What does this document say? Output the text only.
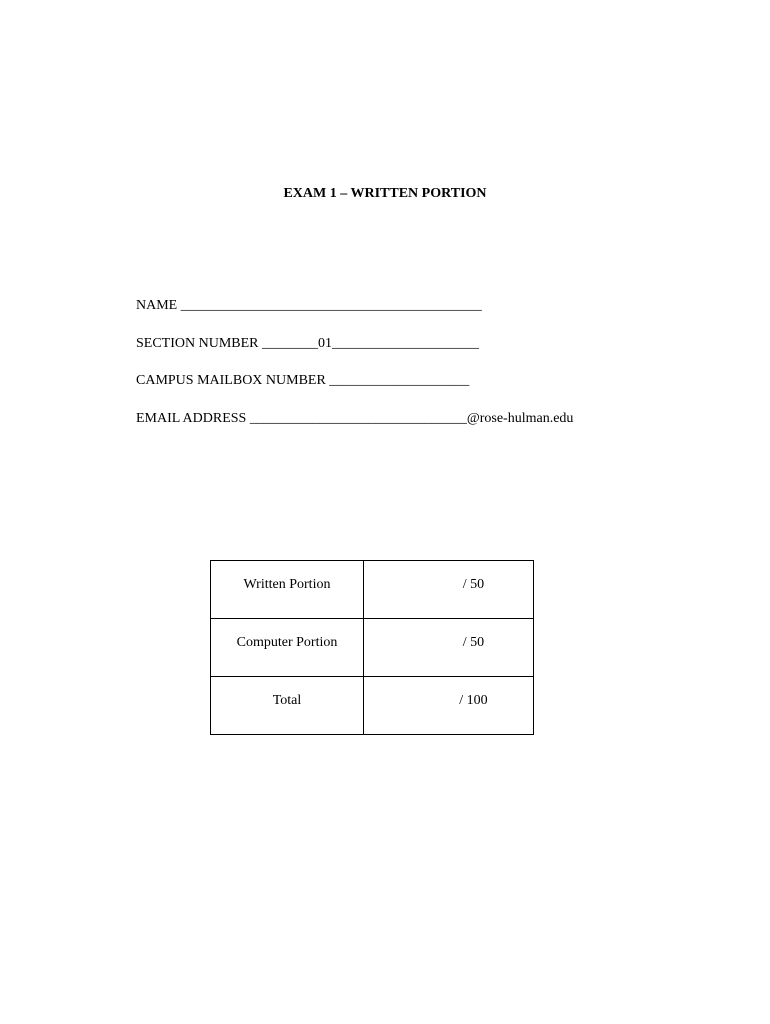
EXAM 1 – WRITTEN PORTION
NAME ___________________________________________
SECTION NUMBER ________01_____________________
CAMPUS MAILBOX NUMBER ____________________
EMAIL ADDRESS _______________________________@rose-hulman.edu
Written Portion	/ 50

Computer Portion	/ 50

Total	/ 100
